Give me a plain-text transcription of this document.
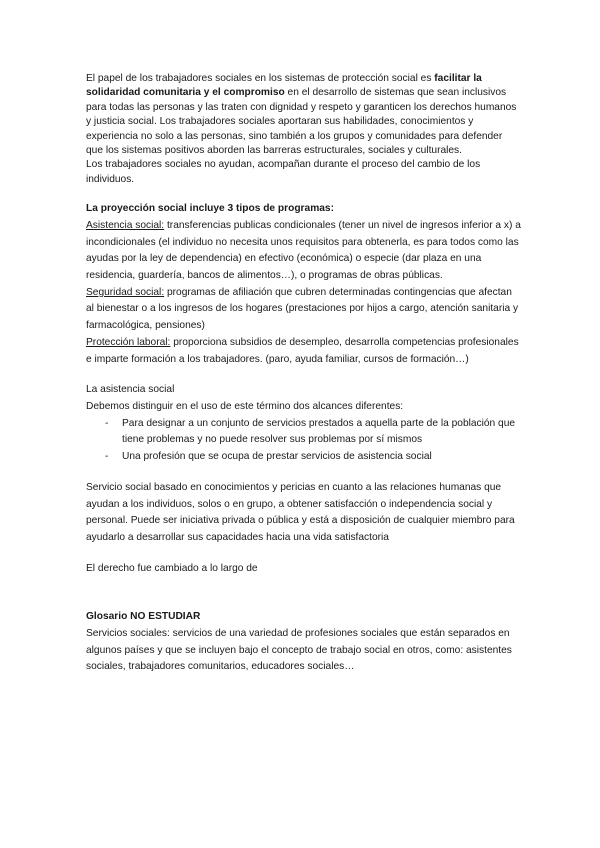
El papel de los trabajadores sociales en los sistemas de protección social es facilitar la solidaridad comunitaria y el compromiso en el desarrollo de sistemas que sean inclusivos para todas las personas y las traten con dignidad y respeto y garanticen los derechos humanos y justicia social. Los trabajadores sociales aportaran sus habilidades, conocimientos y experiencia no solo a las personas, sino también a los grupos y comunidades para defender que los sistemas positivos aborden las barreras estructurales, sociales y culturales.

Los trabajadores sociales no ayudan, acompañan durante el proceso del cambio de los individuos.

La proyección social incluye 3 tipos de programas:
Asistencia social: transferencias publicas condicionales (tener un nivel de ingresos inferior a x) a incondicionales (el individuo no necesita unos requisitos para obtenerla, es para todos como las ayudas por la ley de dependencia) en efectivo (económica) o especie (dar plaza en una residencia, guardería, bancos de alimentos…), o programas de obras públicas.
Seguridad social: programas de afiliación que cubren determinadas contingencias que afectan al bienestar o a los ingresos de los hogares (prestaciones por hijos a cargo, atención sanitaria y farmacológica, pensiones)
Protección laboral: proporciona subsidios de desempleo, desarrolla competencias profesionales e imparte formación a los trabajadores. (paro, ayuda familiar, cursos de formación…)
La asistencia social
Debemos distinguir en el uso de este término dos alcances diferentes:
- Para designar a un conjunto de servicios prestados a aquella parte de la población que tiene problemas y no puede resolver sus problemas por sí mismos
- Una profesión que se ocupa de prestar servicios de asistencia social

Servicio social basado en conocimientos y pericias en cuanto a las relaciones humanas que ayudan a los individuos, solos o en grupo, a obtener satisfacción o independencia social y personal. Puede ser iniciativa privada o pública y está a disposición de cualquier miembro para ayudarlo a desarrollar sus capacidades hacia una vida satisfactoria

El derecho fue cambiado a lo largo de

Glosario NO ESTUDIAR
Servicios sociales: servicios de una variedad de profesiones sociales que están separados en algunos países y que se incluyen bajo el concepto de trabajo social en otros, como: asistentes sociales, trabajadores comunitarios, educadores sociales…
